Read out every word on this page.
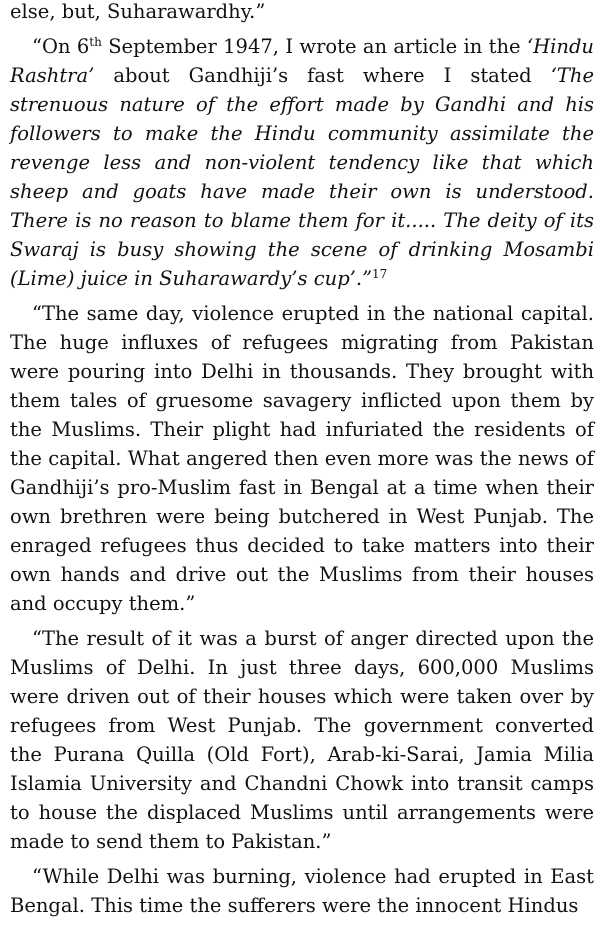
else, but, Suharawardhy.”

“On 6th September 1947, I wrote an article in the ‘Hindu Rashtra’ about Gandhiji’s fast where I stated ‘The strenuous nature of the effort made by Gandhi and his followers to make the Hindu community assimilate the revenge less and non-violent tendency like that which sheep and goats have made their own is understood. There is no reason to blame them for it..... The deity of its Swaraj is busy showing the scene of drinking Mosambi (Lime) juice in Suharawardy’s cup’.”$^{17}$

“The same day, violence erupted in the national capital. The huge influxes of refugees migrating from Pakistan were pouring into Delhi in thousands. They brought with them tales of gruesome savagery inflicted upon them by the Muslims. Their plight had infuriated the residents of the capital. What angered then even more was the news of Gandhiji’s pro-Muslim fast in Bengal at a time when their own brethren were being butchered in West Punjab. The enraged refugees thus decided to take matters into their own hands and drive out the Muslims from their houses and occupy them.”

“The result of it was a burst of anger directed upon the Muslims of Delhi. In just three days, 600,000 Muslims were driven out of their houses which were taken over by refugees from West Punjab. The government converted the Purana Quilla (Old Fort), Arab-ki-Sarai, Jamia Milia Islamia University and Chandni Chowk into transit camps to house the displaced Muslims until arrangements were made to send them to Pakistan.”

“While Delhi was burning, violence had erupted in East Bengal. This time the sufferers were the innocent Hindus
